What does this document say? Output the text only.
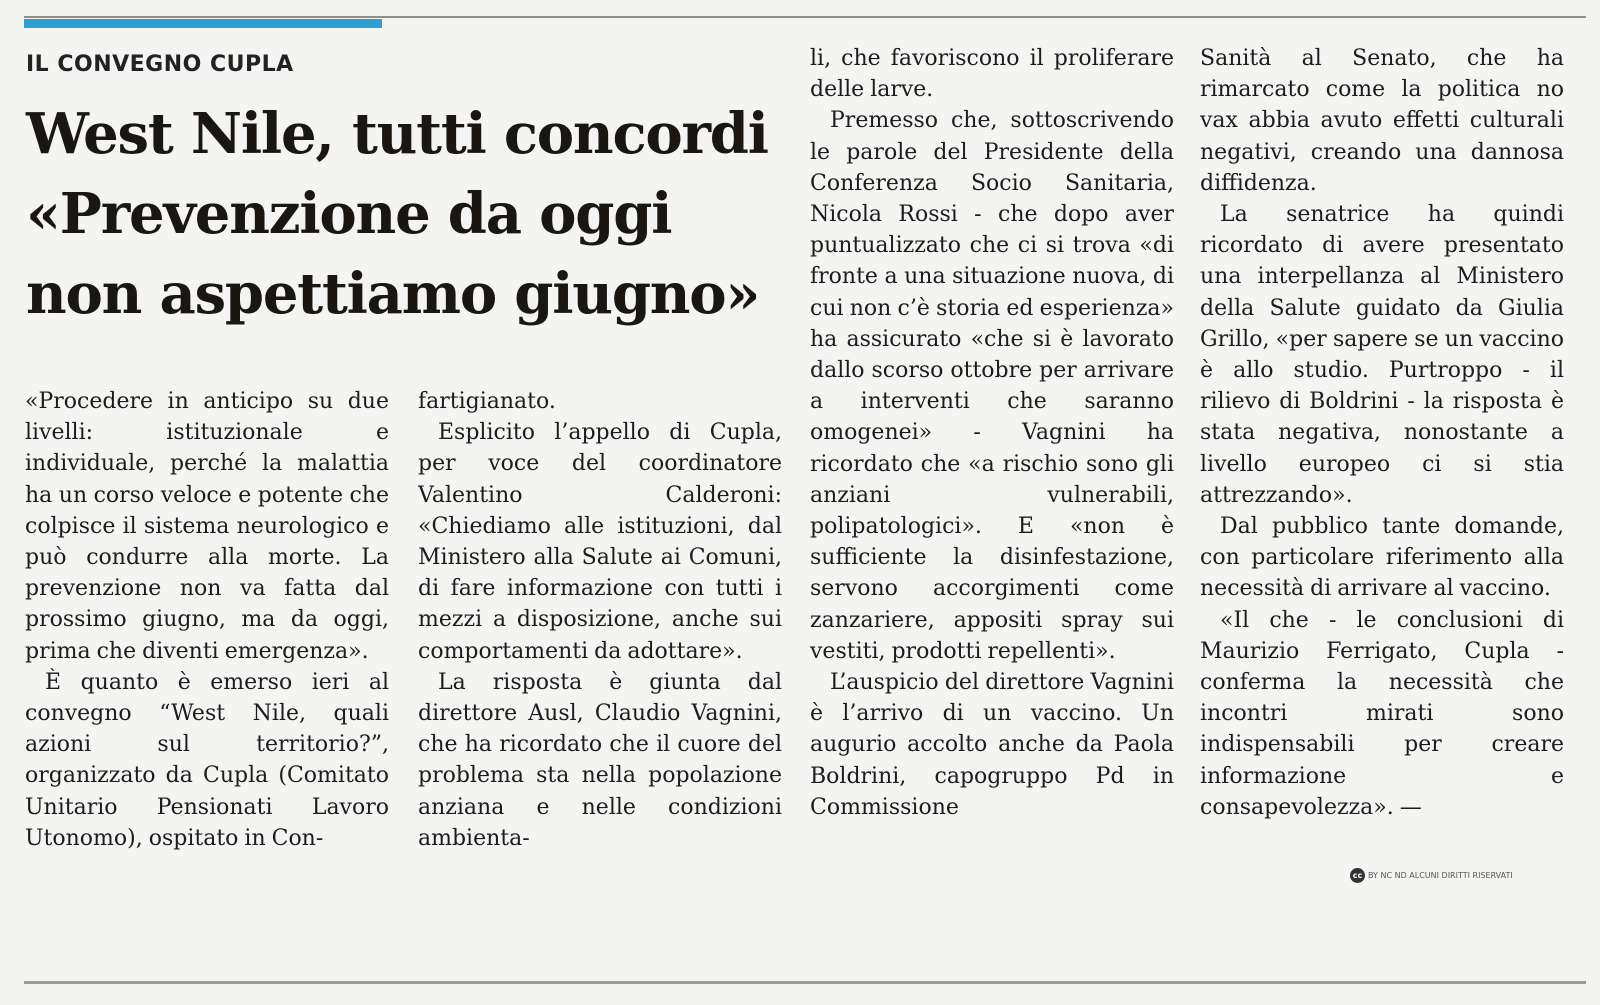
IL CONVEGNO CUPLA
West Nile, tutti concordi
«Prevenzione da oggi
non aspettiamo giugno»

«Procedere in anticipo su due livelli: istituzionale e individuale, perché la malattia ha un corso veloce e potente che colpisce il sistema neurologico e può condurre alla morte. La prevenzione non va fatta dal prossimo giugno, ma da oggi, prima che diventi emergenza».

È quanto è emerso ieri al convegno “West Nile, quali azioni sul territorio?”, organizzato da Cupla (Comitato Unitario Pensionati Lavoro Utonomo), ospitato in Con-

fartigianato.

Esplicito l’appello di Cupla, per voce del coordinatore Valentino Calderoni: «Chiediamo alle istituzioni, dal Ministero alla Salute ai Comuni, di fare informazione con tutti i mezzi a disposizione, anche sui comportamenti da adottare».

La risposta è giunta dal direttore Ausl, Claudio Vagnini, che ha ricordato che il cuore del problema sta nella popolazione anziana e nelle condizioni ambienta-

li, che favoriscono il proliferare delle larve.

Premesso che, sottoscrivendo le parole del Presidente della Conferenza Socio Sanitaria, Nicola Rossi - che dopo aver puntualizzato che ci si trova «di fronte a una situazione nuova, di cui non c’è storia ed esperienza» ha assicurato «che si è lavorato dallo scorso ottobre per arrivare a interventi che saranno omogenei» - Vagnini ha ricordato che «a rischio sono gli anziani vulnerabili, polipatologici». E «non è sufficiente la disinfestazione, servono accorgimenti come zanzariere, appositi spray sui vestiti, prodotti repellenti».

L’auspicio del direttore Vagnini è l’arrivo di un vaccino. Un augurio accolto anche da Paola Boldrini, capogruppo Pd in Commissione

Sanità al Senato, che ha rimarcato come la politica no vax abbia avuto effetti culturali negativi, creando una dannosa diffidenza.

La senatrice ha quindi ricordato di avere presentato una interpellanza al Ministero della Salute guidato da Giulia Grillo, «per sapere se un vaccino è allo studio. Purtroppo - il rilievo di Boldrini - la risposta è stata negativa, nonostante a livello europeo ci si stia attrezzando».

Dal pubblico tante domande, con particolare riferimento alla necessità di arrivare al vaccino.

«Il che - le conclusioni di Maurizio Ferrigato, Cupla - conferma la necessità che incontri mirati sono indispensabili per creare informazione e consapevolezza». —

cc BY NC ND ALCUNI DIRITTI RISERVATI
